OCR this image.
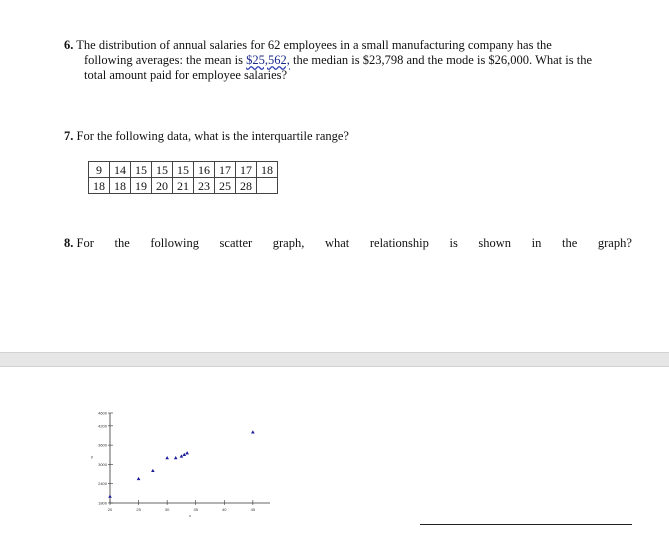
6. The distribution of annual salaries for 62 employees in a small manufacturing company has the
following averages: the mean is $25,562, the median is $23,798 and the mode is $26,000. What is the
total amount paid for employee salaries?
7. For the following data, what is the interquartile range?
9	14	15	15	15	16	17	17	18
18	18	19	20	21	23	25	28	
8. For the following scatter graph, what relationship is shown in the graph?
20	25	30	35	40	45
1800
2400
3000
3600
4200
4600
x
y
